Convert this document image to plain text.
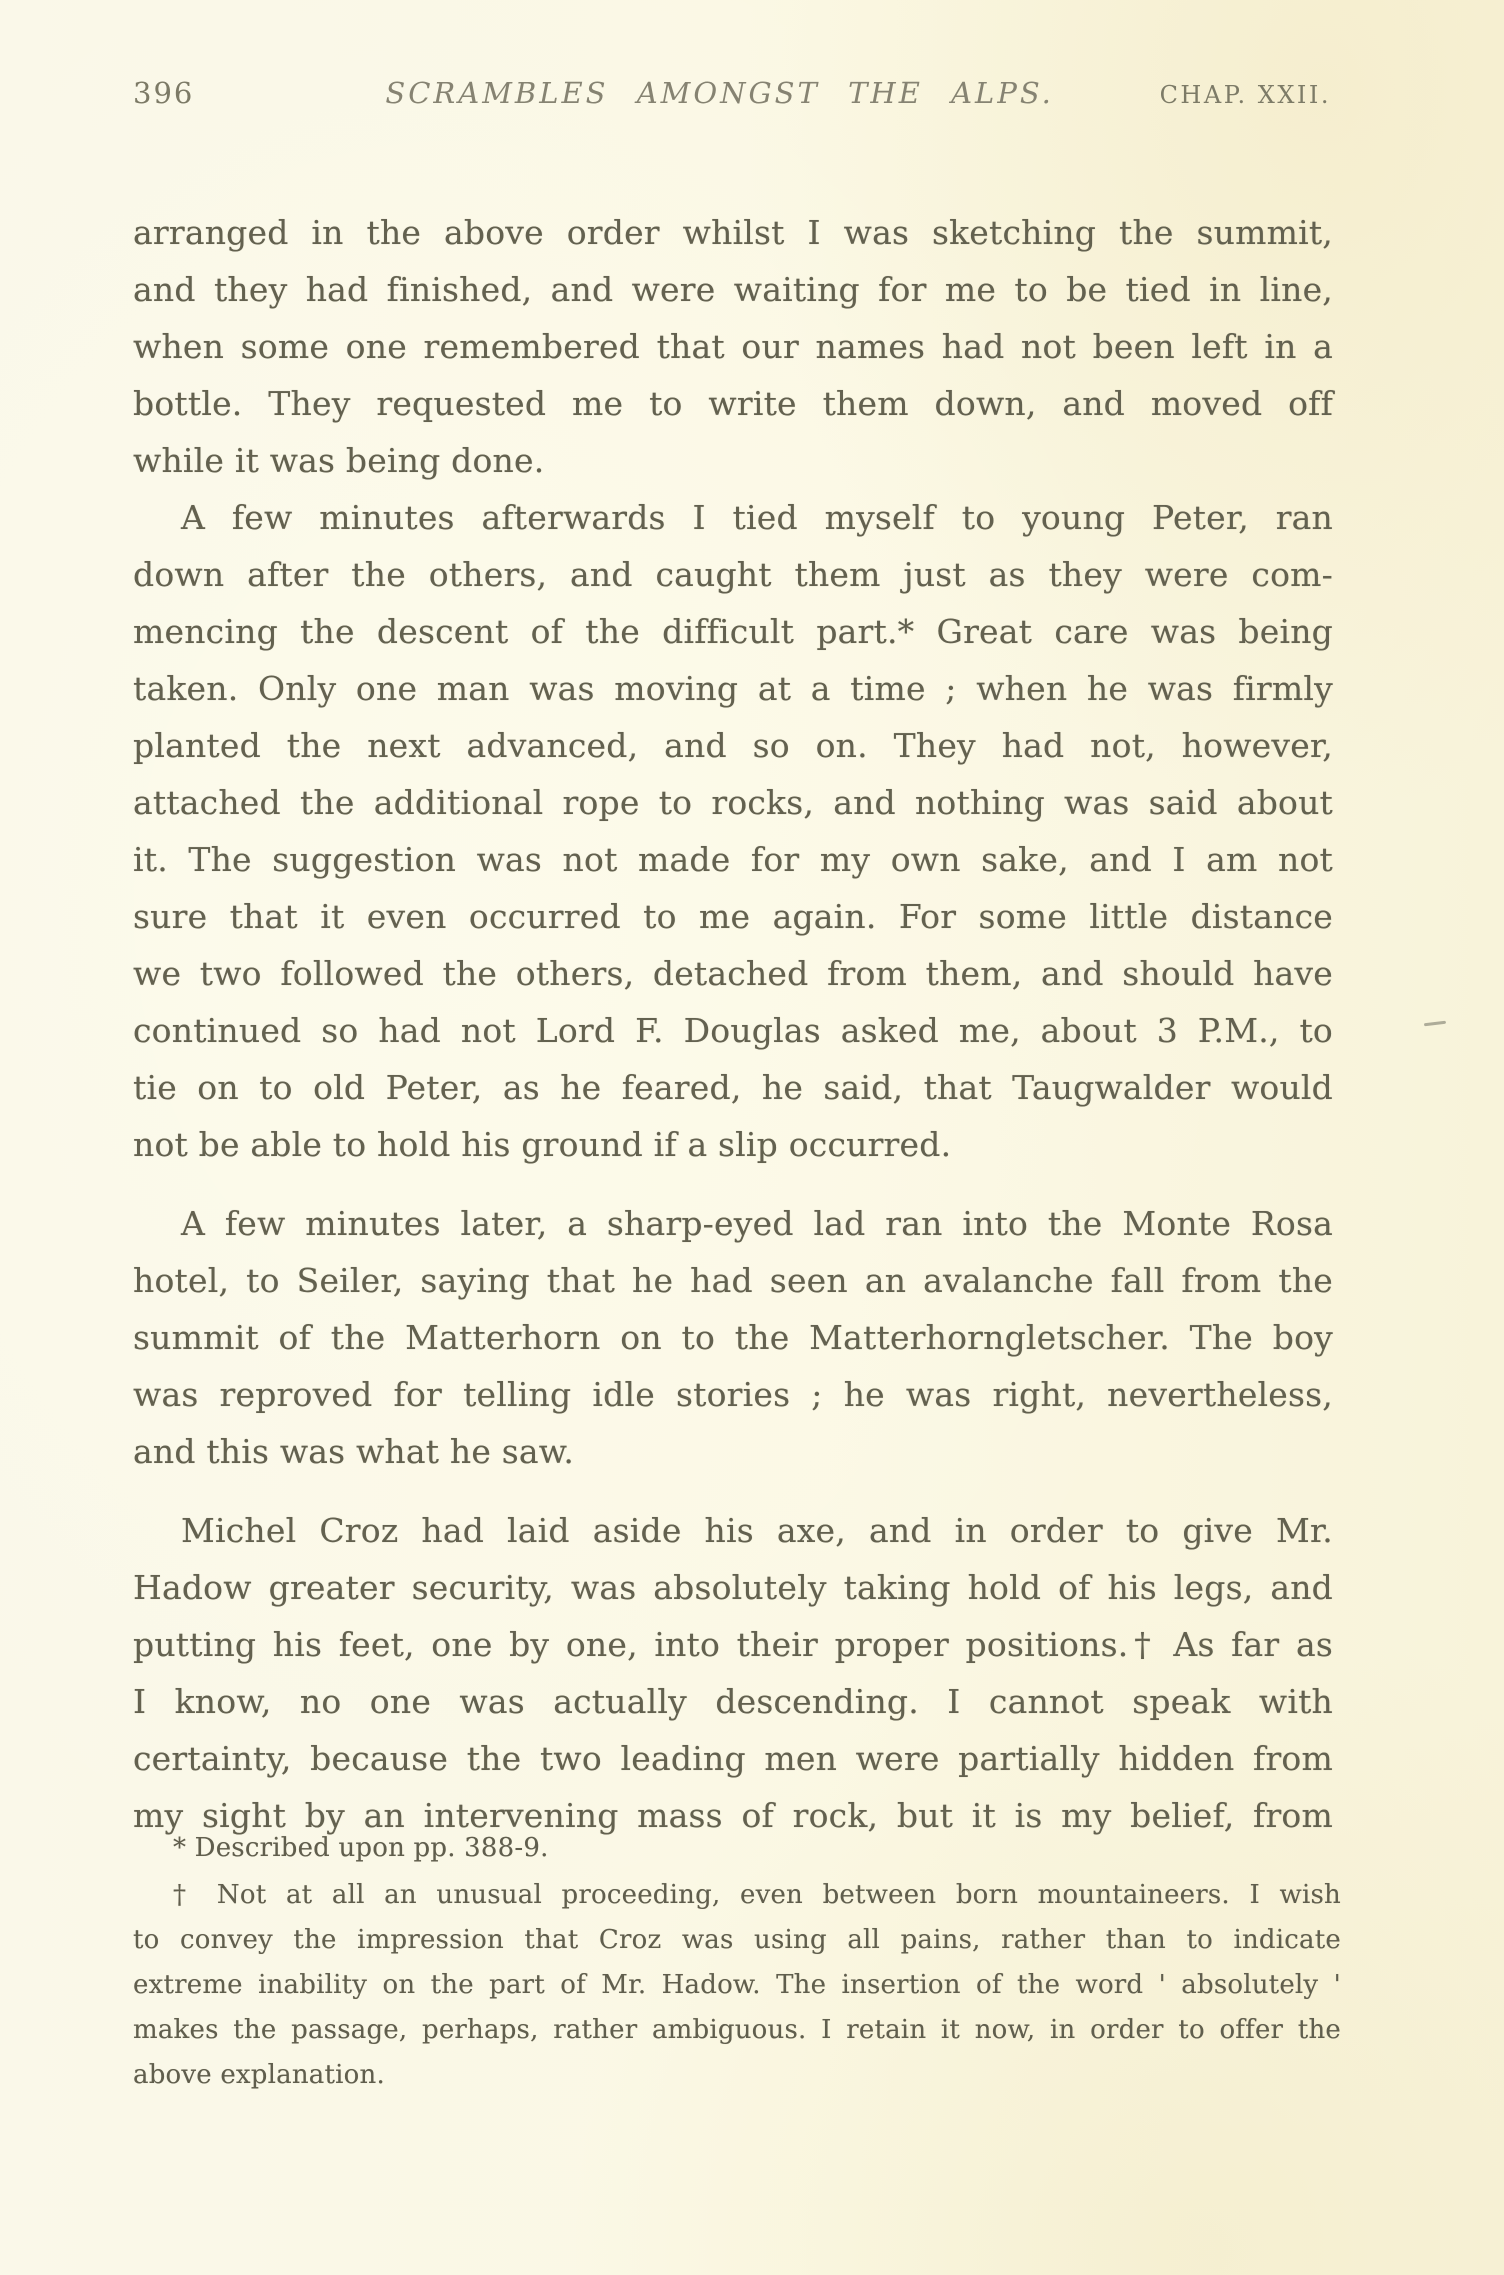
396	SCRAMBLES AMONGST THE ALPS.	CHAP. XXII.
arranged in the above order whilst I was sketching the summit,
and they had finished, and were waiting for me to be tied in line,
when some one remembered that our names had not been left in a
bottle. They requested me to write them down, and moved off
while it was being done.
A few minutes afterwards I tied myself to young Peter, ran
down after the others, and caught them just as they were com-
mencing the descent of the difficult part.* Great care was being
taken. Only one man was moving at a time ; when he was firmly
planted the next advanced, and so on. They had not, however,
attached the additional rope to rocks, and nothing was said about
it. The suggestion was not made for my own sake, and I am not
sure that it even occurred to me again. For some little distance
we two followed the others, detached from them, and should have
continued so had not Lord F. Douglas asked me, about 3 P.M., to
tie on to old Peter, as he feared, he said, that Taugwalder would
not be able to hold his ground if a slip occurred.
A few minutes later, a sharp-eyed lad ran into the Monte Rosa
hotel, to Seiler, saying that he had seen an avalanche fall from the
summit of the Matterhorn on to the Matterhorngletscher. The boy
was reproved for telling idle stories ; he was right, nevertheless,
and this was what he saw.
Michel Croz had laid aside his axe, and in order to give Mr.
Hadow greater security, was absolutely taking hold of his legs, and
putting his feet, one by one, into their proper positions.† As far as
I know, no one was actually descending. I cannot speak with
certainty, because the two leading men were partially hidden from
my sight by an intervening mass of rock, but it is my belief, from
* Described upon pp. 388-9.
† Not at all an unusual proceeding, even between born mountaineers. I wish
to convey the impression that Croz was using all pains, rather than to indicate
extreme inability on the part of Mr. Hadow. The insertion of the word ' absolutely '
makes the passage, perhaps, rather ambiguous. I retain it now, in order to offer the
above explanation.
